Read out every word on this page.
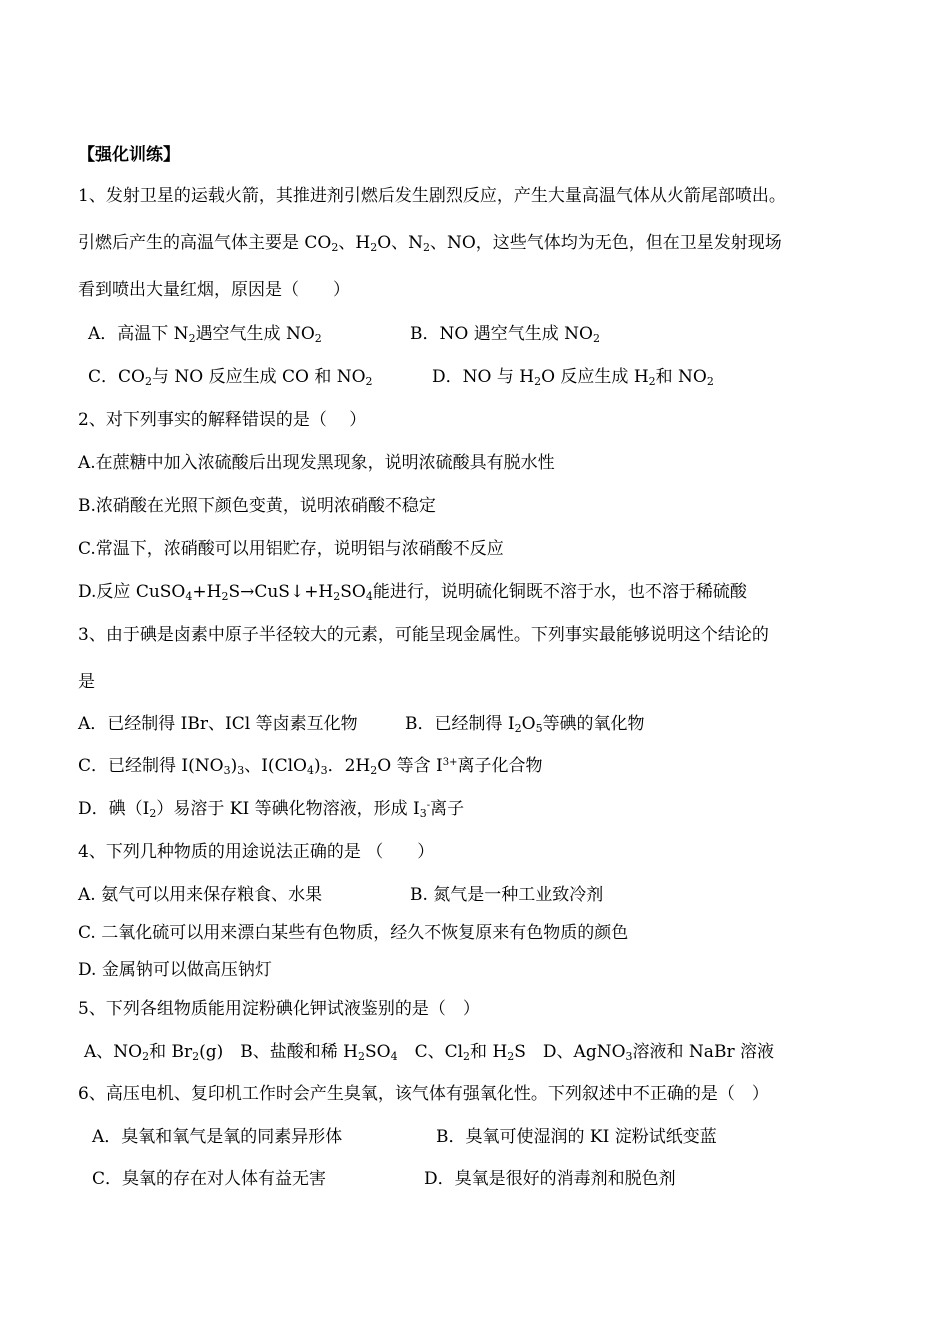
【强化训练】
1、发射卫星的运载火箭，其推进剂引燃后发生剧烈反应，产生大量高温气体从火箭尾部喷出。
引燃后产生的高温气体主要是 $CO_2$、$H_2O$、$N_2$、NO，这些气体均为无色，但在卫星发射现场
看到喷出大量红烟，原因是（　　）
A．高温下 $N_2$遇空气生成 $NO_2$	B．NO 遇空气生成 $NO_2$
C．$CO_2$与 NO 反应生成 CO 和 $NO_2$	D．NO 与 $H_2O$ 反应生成 $H_2$和 $NO_2$
2、对下列事实的解释错误的是（　 ）
A.在蔗糖中加入浓硫酸后出现发黑现象，说明浓硫酸具有脱水性
B.浓硝酸在光照下颜色变黄，说明浓硝酸不稳定
C.常温下，浓硝酸可以用铝贮存，说明铝与浓硝酸不反应
D.反应 $CuSO_4+H_2S\to CuS↓+H_2SO_4$能进行，说明硫化铜既不溶于水，也不溶于稀硫酸
3、由于碘是卤素中原子半径较大的元素，可能呈现金属性。下列事实最能够说明这个结论的
是
A．已经制得 IBr、ICl 等卤素互化物	B．已经制得 $I_2O_5$等碘的氧化物
C．已经制得 $I(NO_3)_3$、$I(ClO_4)_3$．$2H_2O$ 等含 $I^{3+}$离子化合物
D．碘$(I_2)$易溶于 KI 等碘化物溶液，形成 $I_3^-$离子
4、下列几种物质的用途说法正确的是 （　　）
A. 氨气可以用来保存粮食、水果	B. 氮气是一种工业致冷剂
C. 二氧化硫可以用来漂白某些有色物质，经久不恢复原来有色物质的颜色
D. 金属钠可以做高压钠灯
5、下列各组物质能用淀粉碘化钾试液鉴别的是（　）
A、$NO_2$和 $Br_2(g)$　B、盐酸和稀 $H_2SO_4$　C、$Cl_2$和 $H_2S$　D、AgNO$_3$溶液和 NaBr 溶液
6、高压电机、复印机工作时会产生臭氧，该气体有强氧化性。下列叙述中不正确的是（　）
A．臭氧和氧气是氧的同素异形体	B．臭氧可使湿润的 KI 淀粉试纸变蓝
C．臭氧的存在对人体有益无害	D．臭氧是很好的消毒剂和脱色剂
